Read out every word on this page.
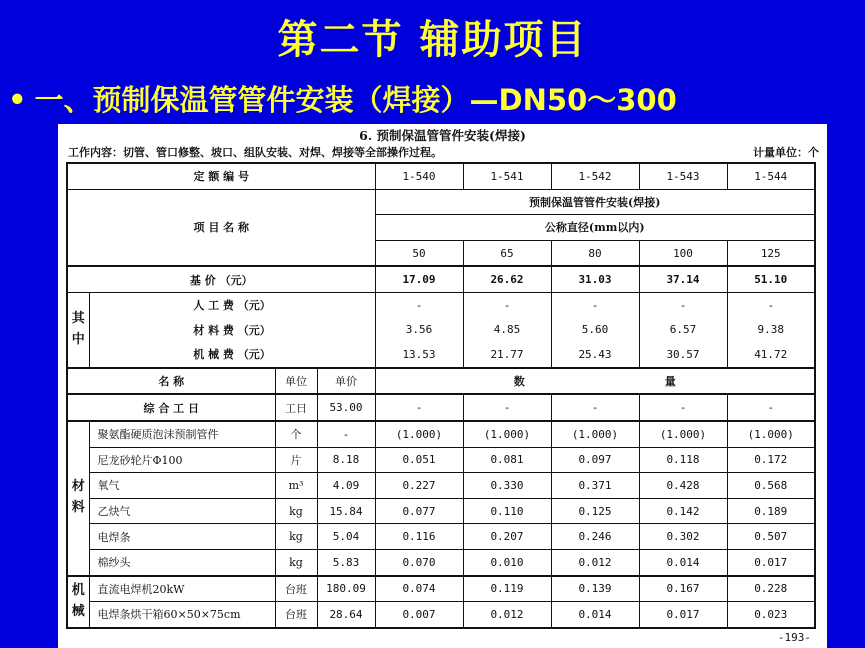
第二节 辅助项目
• 一、预制保温管管件安装（焊接）—DN50～300
6. 预制保温管管件安装(焊接)
工作内容：切管、管口修整、坡口、组队安装、对焊、焊接等全部操作过程。	计量单位：个
定 额 编 号				1-540	1-541	1-542	1-543	1-544
项 目 名 称				预制保温管管件安装(焊接)				
				公称直径(mm以内)				
				50	65	80	100	125
基 价 （元）				17.09	26.62	31.03	37.14	51.10
其
中	人 工 费 （元）			-	-	-	-	-
	材 料 费 （元）			3.56	4.85	5.60	6.57	9.38
	机 械 费 （元）			13.53	21.77	25.43	30.57	41.72
名 称		单位	单价	数 量				
综 合 工 日		工日	53.00	-	-	-	-	-
材
料	聚氨酯硬质泡沫预制管件	个	-	(1.000)	(1.000)	(1.000)	(1.000)	(1.000)
	尼龙砂轮片Φ100	片	8.18	0.051	0.081	0.097	0.118	0.172
	氧气	m³	4.09	0.227	0.330	0.371	0.428	0.568
	乙炔气	kg	15.84	0.077	0.110	0.125	0.142	0.189
	电焊条	kg	5.04	0.116	0.207	0.246	0.302	0.507
	棉纱头	kg	5.83	0.070	0.010	0.012	0.014	0.017
机
械	直流电焊机20kW	台班	180.09	0.074	0.119	0.139	0.167	0.228
	电焊条烘干箱60×50×75cm	台班	28.64	0.007	0.012	0.014	0.017	0.023
-193-
